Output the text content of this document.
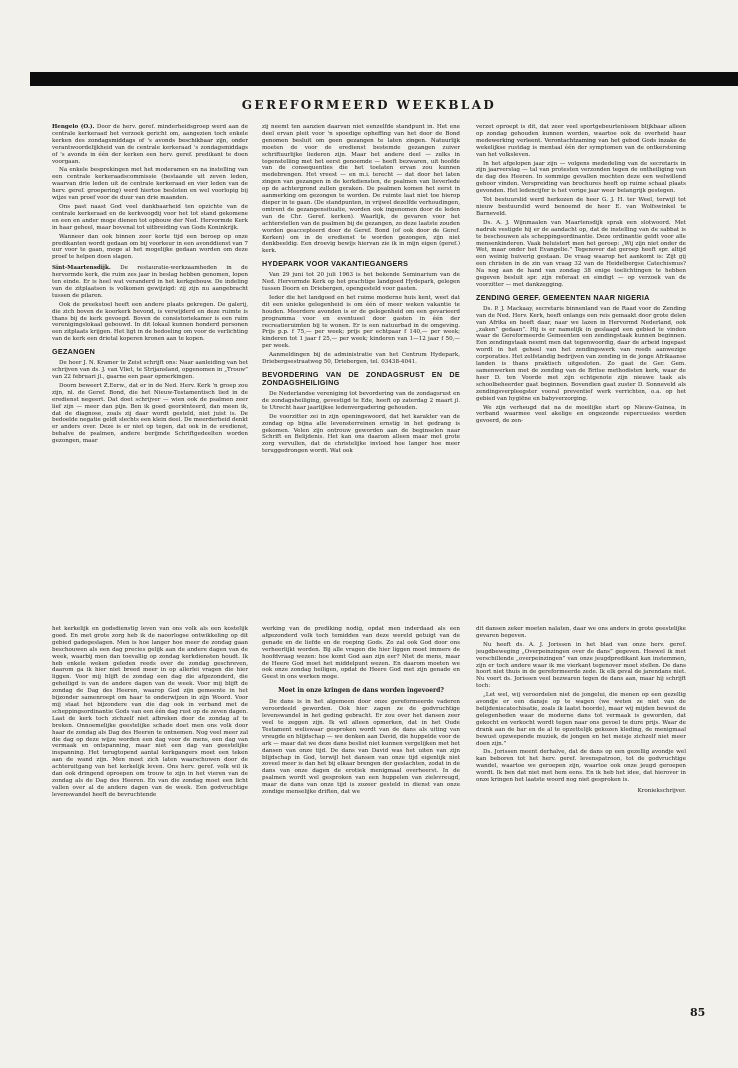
GEREFORMEERD WEEKBLAD

Hengelo (O.). Door de herv. geref. minderheidsgroep werd aan de centrale kerkeraad het verzoek gericht om, aangezien toch enkele kerken des zondagsmiddags of 's avonds beschikbaar zijn, onder verantwoordelijkheid van de centrale kerkeraad 's zondagsmiddags of 's avonds in één der kerken een herv. geref. predikant te doen voorgaan.

Na enkele besprekingen met het moderamen en na instelling van een centrale kerkeraadscommissie (bestaande uit zeven leden, waarvan drie leden uit de centrale kerkeraad en vier leden van de herv. geref. groepering) werd hiertoe besloten en wel voorlopig bij wijze van proef voor de duur van drie maanden.

Ons past naast God veel dankbaarheid ten opzichte van de centrale kerkeraad en de kerkvoogdij voor het tot stand gekomene en een en ander moge dienen tot opbouw der Ned. Hervormde Kerk in haar geheel, maar bovenal tot uitbreiding van Gods Koninkrijk.

Wanneer dan ook binnen zeer korte tijd een beroep op onze predikanten wordt gedaan om bij voorkeur in een avonddienst van 7 uur voor te gaan, moge al het mogelijke gedaan worden om deze proef te helpen doen slagen.

Sint-Maartensdijk. De restauratie-werkzaamheden in de hervormde kerk, die ruim zes jaar in beslag hebben genomen, lopen ten einde. Er is heel wat veranderd in het kerkgebouw. De indeling van de zitplaatsen is volkomen gewijzigd: zij zijn nu aangebracht tussen de pilaren.

Ook de preekstoel heeft een andere plaats gekregen. De galerij, die zich boven de koorkerk bevond, is verwijderd en deze ruimte is thans bij de kerk gevoegd. Boven de consistoriekamer is een ruim verenigingslokaal gebouwd. In dit lokaal kunnen honderd personen een zitplaats krijgen. Het ligt in de bedoeling om voor de verlichting van de kerk een drietal koperen kronen aan te kopen.

GEZANGEN

De heer J. N. Kramer te Zeist schrijft ons: Naar aanleiding van het schrijven van ds. J. van Vliet, te Strijansland, opgenomen in „Trouw” van 22 februari jl., gaarne een paar opmerkingen.

Doorn beweert Z.Eerw., dat er in de Ned. Herv. Kerk 'n groep zou zijn, nl. de Geref. Bond, die het Nieuw-Testamentisch lied in de eredienst negeert. Dat doet schrijver — wien ook de psalmen zeer lief zijn — meer dan pijn. Ben ik goed georiënteerd, dan meen ik, dat de diagnose, zoals zij daar wordt gesteld, niet juist is. De bedoelde negatie geldt slechts een klein deel. De meerderheid denkt er anders over. Deze is er niet op tegen, dat ook in de eredienst, behalve de psalmen, andere berijmde Schriftgedeelten worden gezongen, maar

zij neemt ten aanzien daarvan niet eenzelfde standpunt in. Het ene deel ervan pleit voor 'n spoedige opheffing van het door de Bond genomen besluit om geen gezangen te laten zingen. Natuurlijk moeten de voor de eredienst bestemde gezangen zuiver schriftuurlijke liederen zijn. Maar het andere deel — zulks in tegenstelling met het eerst genoemde — heeft bezwaren, uit hoofde van de consequenties die het toelaten ervan zou kunnen medebrengen. Het vreest — en m.i. terecht — dat door het laten zingen van gezangen in de kerkdiensten, de psalmen van lieverlede op de achtergrond zullen geraken. De psalmen komen het eerst in aanmerking om gezongen te worden. De ruimte laat niet toe hierop dieper in te gaan. (De standpunten, in vrijwel dezelfde verhoudingen, omtrent de gezangensituatie, worden ook ingenomen door de leden van de Chr. Geref. kerken). Waarlijk, de gevaren voor het achterstellen van de psalmen bij de gezangen, zo deze laatste zouden worden geaccepteerd door de Geref. Bond (of ook door de Geref. Kerken) om in de eredienst te worden gezongen, zijn niet denkbeeldig. Een droevig bewijs hiervan zie ik in mijn eigen (geref.) kerk.

HYDEPARK VOOR VAKANTIEGANGERS

Van 29 juni tot 20 juli 1963 is het bekende Seminarium van de Ned. Hervormde Kerk op het prachtige landgoed Hydepark, gelegen tussen Doorn en Driebergen, opengesteld voor gasten.

Ieder die het landgoed en het ruime moderne huis kent, weet dat dit een unieke gelegenheid is om één of meer weken vakantie te houden. Meerdere avonden is er de gelegenheid om een gevarieerd programma voor en eventueel door gasten in één der recreatieruimten bij te wonen. Er is een natuurbad in de omgeving. Prijs p.p. f 75,— per week; prijs per echtpaar f 140,— per week; kinderen tot 1 jaar f 25,— per week; kinderen van 1—12 jaar f 50,— per week.

Aanmeldingen bij de administratie van het Centrum Hydepark, Driebergsestraatweg 50, Driebergen, tel. 03438-4041.

BEVORDERING VAN DE ZONDAGSRUST EN DE ZONDAGSHEILIGING

De Nederlandse vereniging tot bevordering van de zondagsrust en de zondagsheiliging, gevestigd te Ede, heeft op zaterdag 2 maart jl. te Utrecht haar jaarlijkse ledenvergadering gehouden.

De voorzitter zei in zijn openingswoord, dat het karakter van de zondag op bijna alle levensterreinen ernstig in het gedrang is gekomen. Velen zijn ontrouw geworden aan de beginselen naar Schrift en Belijdenis. Het kan ons daarom alleen maar met grote zorg vervullen, dat de christelijke invloed hoe langer hoe meer teruggedrongen wordt. Wat ook

verzet oproept is dit, dat zeer veel sportgebeurtenissen blijkbaar alleen op zondag gehouden kunnen worden, waartoe ook de overheid haar medewerking verleent. Verontachtzaming van het gebod Gods inzake de wekelijkse rustdag is mentaal één der symptomen van de ontkerstening van het volksleven.

In het afgelopen jaar zijn — volgens mededeling van de secretaris in zijn jaarverslag — tal van protesten verzonden tegen de ontheiliging van de dag des Heeren. In sommige gevallen mochten deze een welwillend gehoor vinden. Verspreiding van brochures heeft op ruime schaal plaats gevonden. Het ledencijfer is het vorige jaar weer belangrijk gestegen.

Tot bestuurslid werd herkozen de heer G. J. H. ter Weel, terwijl tot nieuw bestuurslid werd benoemd de heer E. van Wolfswinkel te Barneveld.

Ds. A. J. Wijnmaalen van Maartensdijk sprak een slotwoord. Met nadruk vestigde hij er de aandacht op, dat de instelling van de sabbat is te beschouwen als scheppingsordinantie. Deze ordinantie geldt voor alle mensenkinderen. Vaak beluistert men het geroep: „Wij zijn niet onder de Wet, maar onder het Evangelie.” Tegenover dat geroep heeft spr. altijd een weinig huiverig gestaan. De vraag waarop het aankomt is: Zijt gij een christen in de zin van vraag 32 van de Heidelbergse Catechismus? Na nog aan de hand van zondag 38 enige toelichtingen te hebben gegeven besluit spr. zijn referaat en eindigt — op verzoek van de voorzitter — met dankzegging.

ZENDING GEREF. GEMEENTEN NAAR NIGERIA

Ds. P. J. Mackaay, secretaris binnenland van de Raad voor de Zending van de Ned. Herv. Kerk, heeft onlangs een reis gemaakt door grote delen van Afrika en heeft daar, naar we lazen in Hervormd Nederland, ook „zaken” gedaan”. Hij is er namelijk in geslaagd een gebied te vinden waar de Gereformeerde Gemeenten een zendingstaak kunnen beginnen. Een zendingstaak neemt men dat tegenwoordig, daar de arbeid ingepast wordt in het geheel van het zendingswerk van reeds aanwezige corporaties. Het zelfstandig bedrijven van zending in de jonge Afrikaanse landen is thans praktisch uitgesloten. Zo gaat de Ger. Gem. samenwerken met de zending van de Britse methodisten kerk, waar de heer D. ten Voorde met zijn echtgenote zijn nieuwe taak als schoolbeheerder gaat beginnen. Bovendien gaat zuster D. Sonneveld als zendingsverpleegster vooral preventief werk verrichten, o.a. op het gebied van hygiëne en babyverzorging.

We zijn verheugd dat na de moeilijke start op Nieuw-Guinea, in verband waarmee veel akelige en ongezonde repercussies werden gevoerd, de zen-

het kerkelijk en godsdienstig leven van ons volk als een kostelijk goed. En met grote zorg heb ik de naoorlogse ontwikkeling op dit gebied gadegeslagen. Men is hoe langer hoe meer de zondag gaan beschouwen als een dag precies gelijk aan de andere dagen van de week, waarbij men dan toevallig op zondag kerkdiensten houdt. Ik heb enkele weken geleden reeds over de zondag geschreven, daarom ga ik hier niet breed meer in op allerlei vragen die hier liggen. Voor mij blijft de zondag een dag die afgezonderd, die geheiligd is van de andere dagen van de week. Voor mij blijft de zondag de Dag des Heeren, waarop God zijn gemeente in het bijzonder samenroept om haar te onderwijzen in zijn Woord. Voor mij staat het bijzondere van die dag ook in verband met de scheppingsordinantie Gods van een één dag rust op de zeven dagen. Laat de kerk toch zichzelf niet afbreken door de zondag af te breken. Onnoemelijke geestelijke schade doet men ons volk door haar de zondag als Dag des Heeren te ontnemen. Nog veel meer zal die dag op deze wijze worden een dag voor de mens, een dag van vermaak en ontspanning, maar niet een dag van geestelijke inspanning. Het terugtopend aantal kerkgangers moet een teken aan de wand zijn. Men moet zich laten waarschuwen door de achteruitgang van het kerkelijk leven. Ons herv. geref. volk wil ik dan ook dringend oproepen om trouw te zijn in het vieren van de zondag als de Dag des Heeren. En van die zondag moet een licht vallen over al de andere dagen van de week. Een godvruchtige levenswandel heeft de bevruchtende

werking van de prediking nodig, opdat men inderdaad als een afgezonderd volk toch temidden van deze wereld getuigt van de genade en de liefde en de roeping Gods. Zo zal ook God door ons verheerlijkt worden. Bij alle vragen die hier liggen moet immers de hoofdvraag wezen: hoe komt God aan zijn eer? Niet de mens, maar de Heere God moet het middelpunt wezen. En daarom moeten we ook onze zondag heiligen, opdat de Heere God met zijn genade en Geest in ons werken moge.

Moet in onze kringen de dans worden ingevoerd?

De dans is in het algemeen door onze gereformeerde vaderen veroordeeld geworden. Ook hier zagen ze de godvruchtige levenswandel in het geding gebracht. Er zou over het dansen zeer veel te zeggen zijn. Ik wil alleen opmerken, dat in het Oude Testament weliswaar gesproken wordt van de dans als uiting van vreugde en blijdschap — we denken aan David, die huppelde voor de ark — maar dat we deze dans beslist niet kunnen vergelijken met het dansen van onze tijd. De dans van David was het uiten van zijn blijdschap in God, terwijl het dansen van onze tijd eigenlijk niet zoveel meer is dan het bij elkaar brengen der geslachten, zodat in de dans van onze dagen de erotiek menigmaal overheerst. In de psalmen wordt wel gesproken van een huppelen van zielevreugd, maar de dans van onze tijd is zozeer gesteld in dienst van onze zondige menselijke driften, dat we

dit dansen zeker moeten nalaten, daar we ons anders in grote geestelijke gevaren begeven.

Nu heeft ds. A. J. Jorissen in het blad van onze herv. geref. jeugdbeweging „Overpeinzingen over de dans” gegeven. Hoewel ik met verschillende „overpeinzingen” van onze jeugdpredikant kan instemmen, zijn er toch andere waar ik me vierkant tegenover moet stellen. De dans hoort niet thuis in de gereformeerde zede. Ik elk geval de jarendans niet. Nu voert ds. Jorissen veel bezwaren tegen de dans aan, maar hij schrijft toch:

„Let wel, wij veroordelen niet de jongelui, die menen op een gezellig avondje er een dansje op te wagen (we weten ze niet van de belijdeniscatechisatie, zoals ik laatst hoorde), maar wij mijden bewust de gelegenheden waar de moderne dans tot vermaak is geworden, dat gekocht en verkocht wordt tegen naar ons gevoel te dure prijs. Waar de drank aan de bar en de al te opzettelijk gekozen kleding, de menigmaal bewust opzwepende muziek, de jongen en het meisje zichzelf niet meer doen zijn.”

Ds. Jorissen meent derhalve, dat de dans op een gezellig avondje wel kan beboren tot het herv. geref. levenspatroon, tot de godvruchtige wandel, waartoe we geroepen zijn, waartoe ook onze jeugd geroepen wordt. Ik ben dat niet met hem eens. En ik heb het idee, dat hierover in onze kringen het laatste woord nog niet gesproken is.

Kroniekschrijver.
85
